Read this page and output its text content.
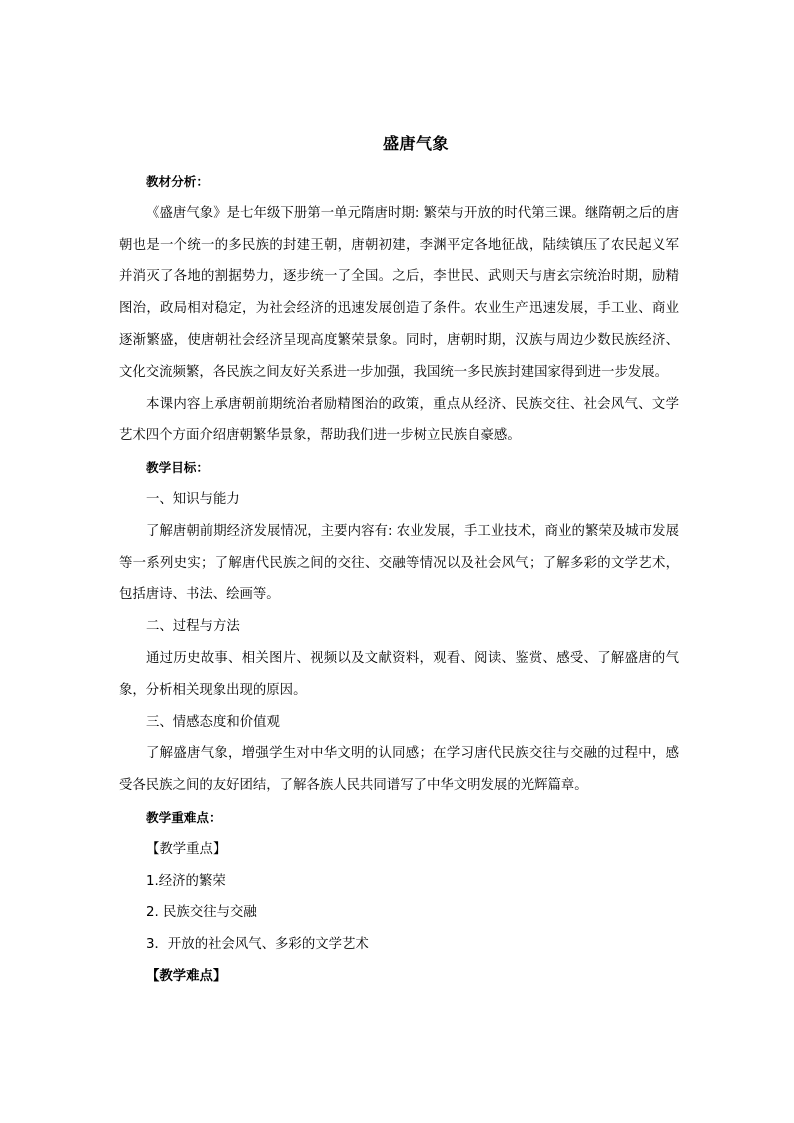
盛唐气象

教材分析：

《盛唐气象》是七年级下册第一单元隋唐时期: 繁荣与开放的时代第三课。继隋朝之后的唐朝也是一个统一的多民族的封建王朝，唐朝初建，李渊平定各地征战，陆续镇压了农民起义军并消灭了各地的割据势力，逐步统一了全国。之后，李世民、武则天与唐玄宗统治时期，励精图治，政局相对稳定，为社会经济的迅速发展创造了条件。农业生产迅速发展，手工业、商业逐渐繁盛，使唐朝社会经济呈现高度繁荣景象。同时，唐朝时期，汉族与周边少数民族经济、文化交流频繁，各民族之间友好关系进一步加强，我国统一多民族封建国家得到进一步发展。

本课内容上承唐朝前期统治者励精图治的政策，重点从经济、民族交往、社会风气、文学艺术四个方面介绍唐朝繁华景象，帮助我们进一步树立民族自豪感。

教学目标：

一、知识与能力

了解唐朝前期经济发展情况，主要内容有: 农业发展，手工业技术，商业的繁荣及城市发展等一系列史实；了解唐代民族之间的交往、交融等情况以及社会风气；了解多彩的文学艺术，包括唐诗、书法、绘画等。

二、过程与方法

通过历史故事、相关图片、视频以及文献资料，观看、阅读、鉴赏、感受、了解盛唐的气象，分析相关现象出现的原因。

三、情感态度和价值观

了解盛唐气象，增强学生对中华文明的认同感；在学习唐代民族交往与交融的过程中，感受各民族之间的友好团结，了解各族人民共同谱写了中华文明发展的光辉篇章。

教学重难点：

【教学重点】

1.经济的繁荣

2. 民族交往与交融

3．开放的社会风气、多彩的文学艺术

【教学难点】
